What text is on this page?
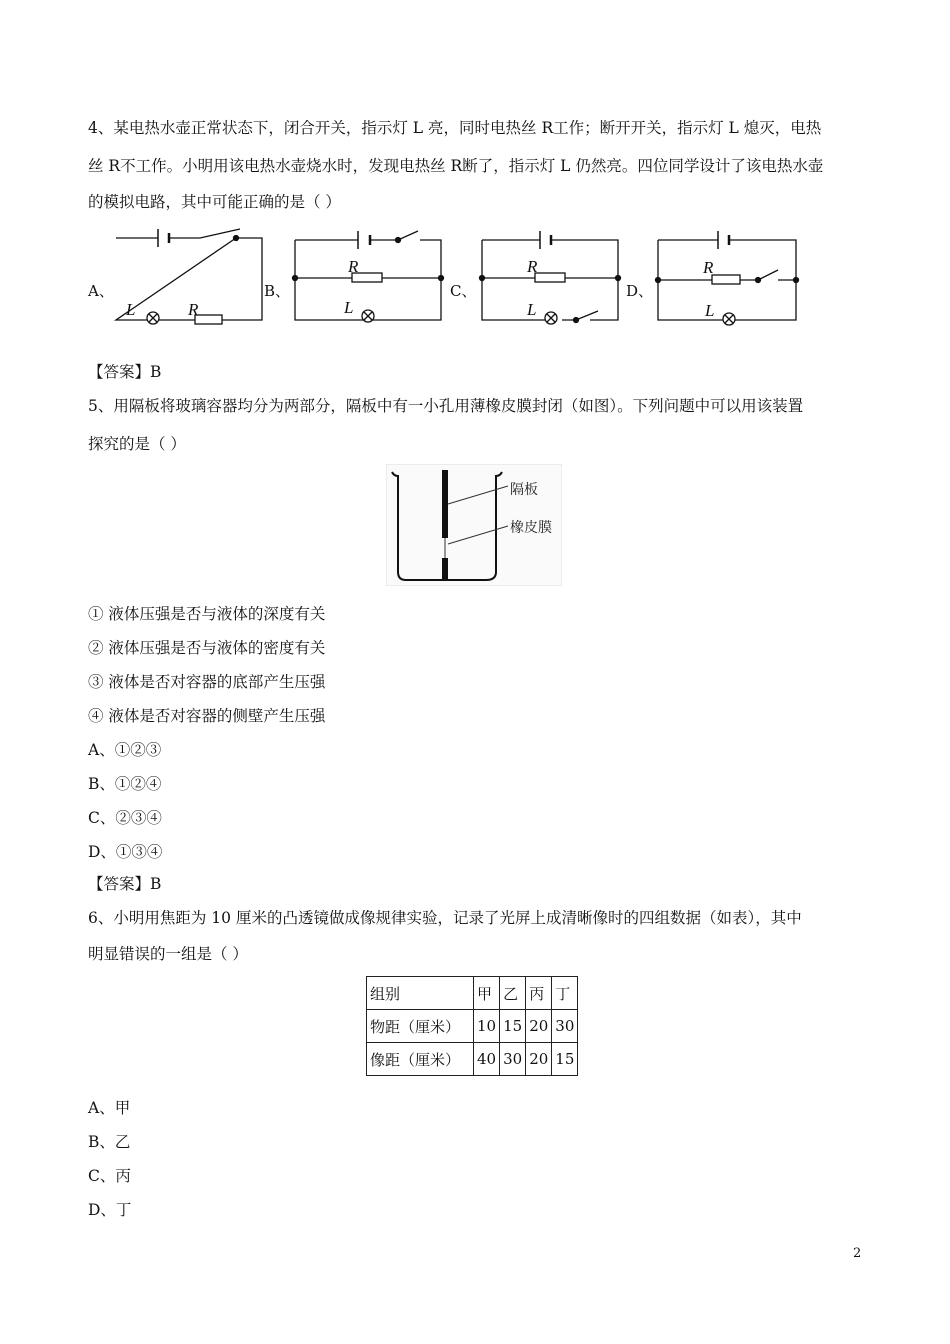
4、某电热水壶正常状态下，闭合开关，指示灯 L 亮，同时电热丝 R工作；断开开关，指示灯 L 熄灭，电热
丝 R不工作。小明用该电热水壶烧水时，发现电热丝 R断了，指示灯 L 仍然亮。四位同学设计了该电热水壶
的模拟电路，其中可能正确的是（ ）
A、	B、	C、	D、
L	R
R
L
R
L
R
L
【答案】B
5、用隔板将玻璃容器均分为两部分，隔板中有一小孔用薄橡皮膜封闭（如图）。下列问题中可以用该装置
探究的是（ ）
隔板
橡皮膜
① 液体压强是否与液体的深度有关
② 液体压强是否与液体的密度有关
③ 液体是否对容器的底部产生压强
④ 液体是否对容器的侧壁产生压强
A、①②③
B、①②④
C、②③④
D、①③④
【答案】B
6、小明用焦距为 10 厘米的凸透镜做成像规律实验，记录了光屏上成清晰像时的四组数据（如表），其中
明显错误的一组是（ ）
组别	甲	乙	丙	丁
物距（厘米）	10	15	20	30
像距（厘米）	40	30	20	15
A、甲
B、乙
C、丙
D、丁
2
